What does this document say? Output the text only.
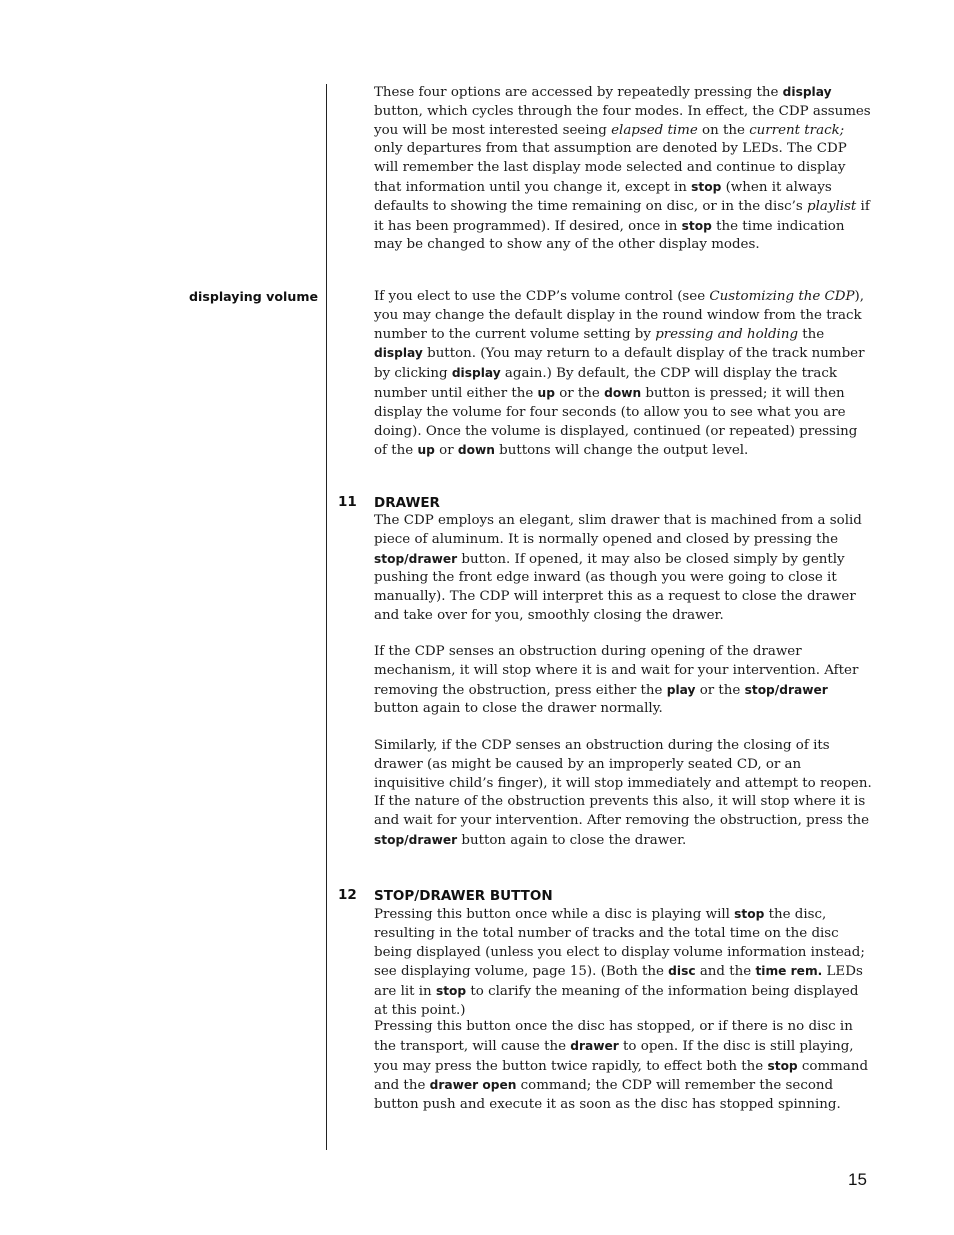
displaying volume

These four options are accessed by repeatedly pressing the display button, which cycles through the four modes. In effect, the CDP assumes you will be most interested seeing elapsed time on the current track; only departures from that assumption are denoted by LEDs. The CDP will remember the last display mode selected and continue to display that information until you change it, except in stop (when it always defaults to showing the time remaining on disc, or in the disc’s playlist if it has been programmed). If desired, once in stop the time indication may be changed to show any of the other display modes.

If you elect to use the CDP’s volume control (see Customizing the CDP), you may change the default display in the round window from the track number to the current volume setting by pressing and holding the display button. (You may return to a default display of the track number by clicking display again.) By default, the CDP will display the track number until either the up or the down button is pressed; it will then display the volume for four seconds (to allow you to see what you are doing). Once the volume is displayed, continued (or repeated) pressing of the up or down buttons will change the output level.

11 DRAWER

The CDP employs an elegant, slim drawer that is machined from a solid piece of aluminum. It is normally opened and closed by pressing the stop/drawer button. If opened, it may also be closed simply by gently pushing the front edge inward (as though you were going to close it manually). The CDP will interpret this as a request to close the drawer and take over for you, smoothly closing the drawer.

If the CDP senses an obstruction during opening of the drawer mechanism, it will stop where it is and wait for your intervention. After removing the obstruction, press either the play or the stop/drawer button again to close the drawer normally.

Similarly, if the CDP senses an obstruction during the closing of its drawer (as might be caused by an improperly seated CD, or an inquisitive child’s finger), it will stop immediately and attempt to reopen. If the nature of the obstruction prevents this also, it will stop where it is and wait for your intervention. After removing the obstruction, press the stop/drawer button again to close the drawer.

12 STOP/DRAWER BUTTON

Pressing this button once while a disc is playing will stop the disc, resulting in the total number of tracks and the total time on the disc being displayed (unless you elect to display volume information instead; see displaying volume, page 15). (Both the disc and the time rem. LEDs are lit in stop to clarify the meaning of the information being displayed at this point.)

Pressing this button once the disc has stopped, or if there is no disc in the transport, will cause the drawer to open. If the disc is still playing, you may press the button twice rapidly, to effect both the stop command and the drawer open command; the CDP will remember the second button push and execute it as soon as the disc has stopped spinning.

15
